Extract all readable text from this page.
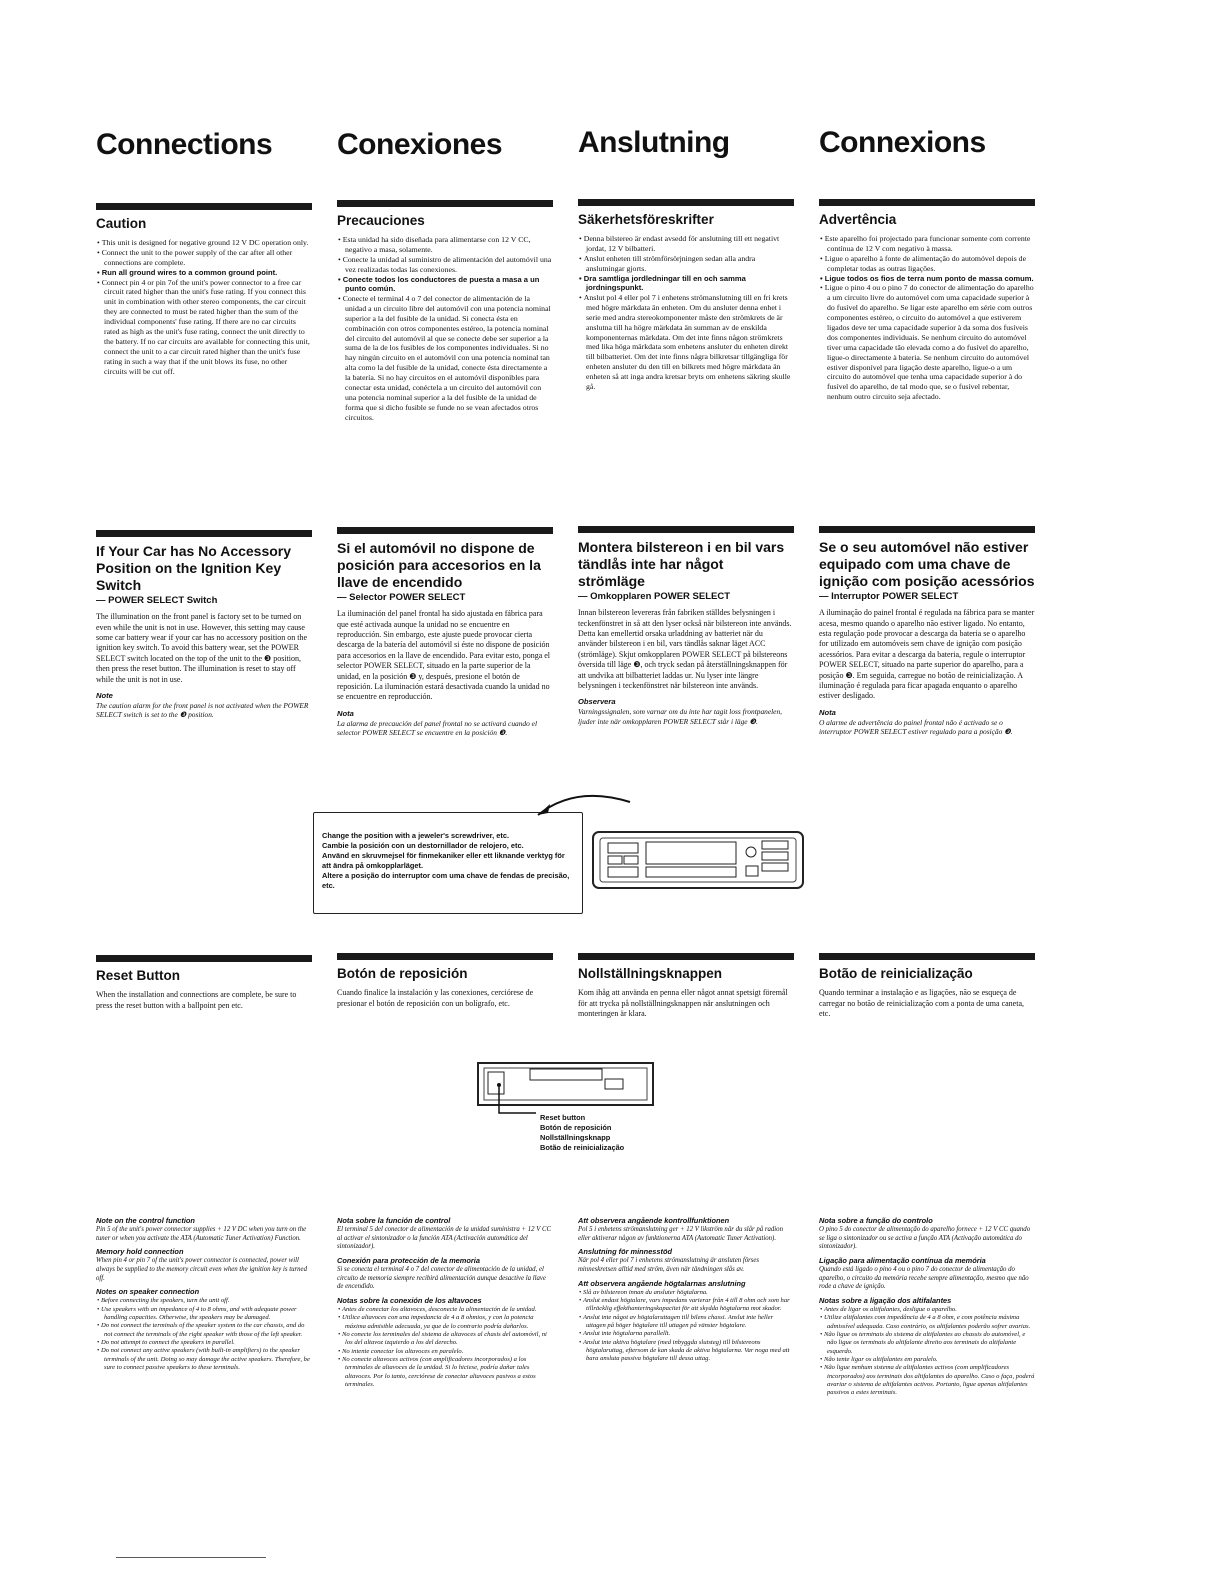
Connections	Conexiones	Anslutning	Connexions
Caution
• This unit is designed for negative ground 12 V DC operation only.
• Connect the unit to the power supply of the car after all other connections are complete.
• Run all ground wires to a common ground point.
• Connect pin 4 or pin 7of the unit's power connector to a free car circuit rated higher than the unit's fuse rating. If you connect this unit in combination with other stereo components, the car circuit they are connected to must be rated higher than the sum of the individual components' fuse rating. If there are no car circuits rated as high as the unit's fuse rating, connect the unit directly to the battery. If no car circuits are available for connecting this unit, connect the unit to a car circuit rated higher than the unit's fuse rating in such a way that if the unit blows its fuse, no other circuits will be cut off.
Precauciones
• Esta unidad ha sido diseñada para alimentarse con 12 V CC, negativo a masa, solamente.
• Conecte la unidad al suministro de alimentación del automóvil una vez realizadas todas las conexiones.
• Conecte todos los conductores de puesta a masa a un punto común.
• Conecte el terminal 4 o 7 del conector de alimentación de la unidad a un circuito libre del automóvil con una potencia nominal superior a la del fusible de la unidad. Si conecta ésta en combinación con otros componentes estéreo, la potencia nominal del circuito del automóvil al que se conecte debe ser superior a la suma de la de los fusibles de los componentes individuales. Si no hay ningún circuito en el automóvil con una potencia nominal tan alta como la del fusible de la unidad, conecte ésta directamente a la batería. Si no hay circuitos en el automóvil disponibles para conectar esta unidad, conéctela a un circuito del automóvil con una potencia nominal superior a la del fusible de la unidad de forma que si dicho fusible se funde no se vean afectados otros circuitos.
Säkerhetsföreskrifter
• Denna bilstereo är endast avsedd för anslutning till ett negativt jordat, 12 V bilbatteri.
• Anslut enheten till strömförsörjningen sedan alla andra anslutningar gjorts.
• Dra samtliga jordledningar till en och samma jordningspunkt.
• Anslut pol 4 eller pol 7 i enhetens strömanslutning till en fri krets med högre märkdata än enheten. Om du ansluter denna enhet i serie med andra stereokomponenter måste den strömkrets de är anslutna till ha högre märkdata än summan av de enskilda komponenternas märkdata. Om det inte finns någon strömkrets med lika höga märkdata som enhetens ansluter du enheten direkt till bilbatteriet. Om det inte finns några bilkretsar tillgängliga för enheten ansluter du den till en bilkrets med högre märkdata än enheten så att inga andra kretsar bryts om enhetens säkring skulle gå.
Advertência
• Este aparelho foi projectado para funcionar somente com corrente contínua de 12 V com negativo à massa.
• Ligue o aparelho à fonte de alimentação do automóvel depois de completar todas as outras ligações.
• Ligue todos os fios de terra num ponto de massa comum.
• Ligue o pino 4 ou o pino 7 do conector de alimentação do aparelho a um circuito livre do automóvel com uma capacidade superior à do fusível do aparelho. Se ligar este aparelho em série com outros componentes estéreo, o circuito do automóvel a que estiverem ligados deve ter uma capacidade superior à da soma dos fusíveis dos componentes individuais. Se nenhum circuito do automóvel tiver uma capacidade tão elevada como a do fusível do aparelho, ligue-o directamente à bateria. Se nenhum circuito do automóvel estiver disponível para ligação deste aparelho, ligue-o a um circuito do automóvel que tenha uma capacidade superior à do fusível do aparelho, de tal modo que, se o fusível rebentar, nenhum outro circuito seja afectado.
If Your Car has No Accessory Position on the Ignition Key Switch
— POWER SELECT Switch

The illumination on the front panel is factory set to be turned on even while the unit is not in use. However, this setting may cause some car battery wear if your car has no accessory position on the ignition key switch. To avoid this battery wear, set the POWER SELECT switch located on the top of the unit to the ❸ position, then press the reset button. The illumination is reset to stay off while the unit is not in use.

Note

The caution alarm for the front panel is not activated when the POWER SELECT switch is set to the ❸ position.

Si el automóvil no dispone de posición para accesorios en la llave de encendido
— Selector POWER SELECT

La iluminación del panel frontal ha sido ajustada en fábrica para que esté activada aunque la unidad no se encuentre en reproducción. Sin embargo, este ajuste puede provocar cierta descarga de la batería del automóvil si éste no dispone de posición para accesorios en la llave de encendido. Para evitar esto, ponga el selector POWER SELECT, situado en la parte superior de la unidad, en la posición ❸ y, después, presione el botón de reposición. La iluminación estará desactivada cuando la unidad no se encuentre en reproducción.

Nota

La alarma de precaución del panel frontal no se activará cuando el selector POWER SELECT se encuentre en la posición ❸.

Montera bilstereon i en bil vars tändlås inte har något strömläge
— Omkopplaren POWER SELECT

Innan bilstereon levereras från fabriken ställdes belysningen i teckenfönstret in så att den lyser också när bilstereon inte används. Detta kan emellertid orsaka urladdning av batteriet när du använder bilstereon i en bil, vars tändlås saknar läget ACC (strömläge). Skjut omkopplaren POWER SELECT på bilstereons översida till läge ❸, och tryck sedan på återställningsknappen för att undvika att bilbatteriet laddas ur. Nu lyser inte längre belysningen i teckenfönstret när bilstereon inte används.

Observera

Varningssignalen, som varnar om du inte har tagit loss frontpanelen, ljuder inte när omkopplaren POWER SELECT står i läge ❸.

Se o seu automóvel não estiver equipado com uma chave de ignição com posição acessórios
— Interruptor POWER SELECT

A iluminação do painel frontal é regulada na fábrica para se manter acesa, mesmo quando o aparelho não estiver ligado. No entanto, esta regulação pode provocar a descarga da bateria se o aparelho for utilizado em automóveis sem chave de ignição com posição acessórios. Para evitar a descarga da bateria, regule o interruptor POWER SELECT, situado na parte superior do aparelho, para a posição ❸. Em seguida, carregue no botão de reinicialização. A iluminação é regulada para ficar apagada enquanto o aparelho estiver desligado.

Nota

O alarme de advertência do painel frontal não é activado se o interruptor POWER SELECT estiver regulado para a posição ❸.

Change the position with a jeweler's screwdriver, etc.

Cambie la posición con un destornillador de relojero, etc.

Använd en skruvmejsel för finmekaniker eller ett liknande verktyg för att ändra på omkopplarläget.

Altere a posição do interruptor com uma chave de fendas de precisão, etc.

Reset Button

When the installation and connections are complete, be sure to press the reset button with a ballpoint pen etc.

Botón de reposición

Cuando finalice la instalación y las conexiones, cerciórese de presionar el botón de reposición con un bolígrafo, etc.

Nollställningsknappen

Kom ihåg att använda en penna eller något annat spetsigt föremål för att trycka på nollställningsknappen när anslutningen och monteringen är klara.

Botão de reinicialização

Quando terminar a instalação e as ligações, não se esqueça de carregar no botão de reinicialização com a ponta de uma caneta, etc.

Reset button
Botón de reposición
Nollställningsknapp
Botão de reinicialização
Note on the control function

Pin 5 of the unit's power connector supplies + 12 V DC when you turn on the tuner or when you activate the ATA (Automatic Tuner Activation) Function.

Memory hold connection

When pin 4 or pin 7 of the unit's power connector is connected, power will always be supplied to the memory circuit even when the ignition key is turned off.

Notes on speaker connection
• Before connecting the speakers, turn the unit off.
• Use speakers with an impedance of 4 to 8 ohms, and with adequate power handling capacities. Otherwise, the speakers may be damaged.
• Do not connect the terminals of the speaker system to the car chassis, and do not connect the terminals of the right speaker with those of the left speaker.
• Do not attempt to connect the speakers in parallel.
• Do not connect any active speakers (with built-in amplifiers) to the speaker terminals of the unit. Doing so may damage the active speakers. Therefore, be sure to connect passive speakers to these terminals.
Nota sobre la función de control

El terminal 5 del conector de alimentación de la unidad suministra + 12 V CC al activar el sintonizador o la función ATA (Activación automática del sintonizador).

Conexión para protección de la memoria

Si se conecta el terminal 4 o 7 del conector de alimentación de la unidad, el circuito de memoria siempre recibirá alimentación aunque desactive la llave de encendido.

Notas sobre la conexión de los altavoces
• Antes de conectar los altavoces, desconecte la alimentación de la unidad.
• Utilice altavoces con una impedancia de 4 a 8 ohmios, y con la potencia máxima admisible adecuada, ya que de lo contrario podría dañarlos.
• No conecte los terminales del sistema de altavoces al chasis del automóvil, ni los del altavoz izquierdo a los del derecho.
• No intente conectar los altavoces en paralelo.
• No conecte altavoces activos (con amplificadores incorporados) a los terminales de altavoces de la unidad. Si lo hiciese, podría dañar tales altavoces. Por lo tanto, cerciórese de conectar altavoces pasivos a estos terminales.
Att observera angående kontrollfunktionen

Pol 5 i enhetens strömanslutning ger + 12 V likström när du slår på radion eller aktiverar någon av funktionerna ATA (Automatic Tuner Activation).

Anslutning för minnesstöd

När pol 4 eller pol 7 i enhetens strömanslutning är ansluten förses minneskretsen alltid med ström, även när tändningen slås av.

Att observera angående högtalarnas anslutning
• Slå av bilstereon innan du ansluter högtalarna.
• Anslut endast högtalare, vars impedans varierar från 4 till 8 ohm och som har tillräcklig effekthanteringskapacitet för att skydda högtalarna mot skador.
• Anslut inte något av högtalaruttagen till bilens chassi. Anslut inte heller uttagen på höger högtalare till uttagen på vänster högtalare.
• Anslut inte högtalarna parallellt.
• Anslut inte aktiva högtalare (med inbyggda slutsteg) till bilstereons högtalaruttag, eftersom de kan skada de aktiva högtalarna. Var noga med att bara ansluta passiva högtalare till dessa uttag.
Nota sobre a função do controlo

O pino 5 do conector de alimentação do aparelho fornece + 12 V CC quando se liga o sintonizador ou se activa a função ATA (Activação automática do sintonizador).

Ligação para alimentação contínua da memória

Quando está ligado o pino 4 ou o pino 7 do conector de alimentação do aparelho, o circuito da memória recebe sempre alimentação, mesmo que não rode a chave de ignição.

Notas sobre a ligação dos altifalantes
• Antes de ligar os altifalantes, desligue o aparelho.
• Utilize altifalantes com impedância de 4 a 8 ohm, e com potência máxima admissível adequada. Caso contrário, os altifalantes poderão sofrer avarias.
• Não ligue os terminais do sistema de altifalantes ao chassis do automóvel, e não ligue os terminais do altifalante direito aos terminais do altifalante esquerdo.
• Não tente ligar os altifalantes em paralelo.
• Não ligue nenhum sistema de altifalantes activos (com amplificadores incorporados) aos terminais dos altifalantes do aparelho. Caso o faça, poderá avariar o sistema de altifalantes activos. Portanto, ligue apenas altifalantes passivos a estes terminais.
